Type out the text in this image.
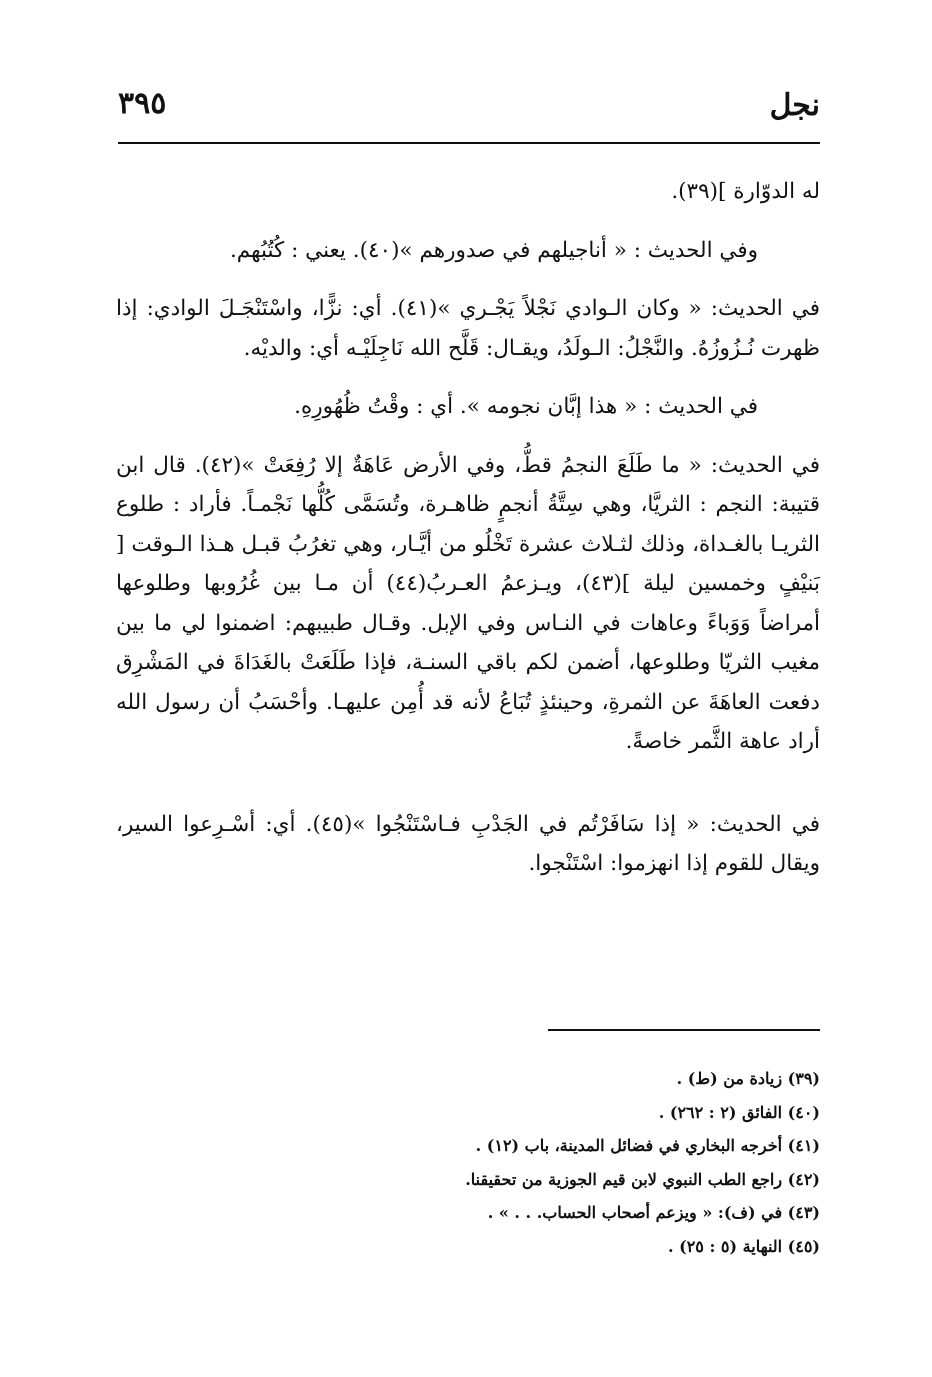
نجل
٣٩٥

له الدوّارة ](٣٩).

وفي الحديث : « أناجيلهم في صدورهم »(٤٠). يعني : كُتُبُهم.

في الحديث: « وكان الـوادي نَجْلاً يَجْـري »(٤١). أي: نزًّا، واسْتَنْجَـلَ الوادي: إذا ظهرت نُـزُوزُهُ. والنَّجْلُ: الـولَدُ، ويقـال: قَلَّح الله نَاجِلَيْـه أي: والديْه.

في الحديث : « هذا إبَّان نجومه ». أي : وقْتُ ظُهُورِهِ.

في الحديث: « ما طَلَعَ النجمُ قطُّ، وفي الأرض عَاهَةٌ إلا رُفِعَتْ »(٤٢). قال ابن قتيبة: النجم : الثريَّا، وهي سِتَّةُ أنجمٍ ظاهـرة، وتُسَمَّى كُلُّها نَجْمـاً. فأراد : طلوع الثريـا بالغـداة، وذلك لثـلاث عشرة تَخْلُو من أيَّـار، وهي تغرُبُ قبـل هـذا الـوقت [ بَنيْفٍ وخمسين ليلة ](٤٣)، ويـزعمُ العـربُ(٤٤) أن مـا بين غُرُوبها وطلوعها أمراضاً وَوَباءً وعاهات في النـاس وفي الإبل. وقـال طبيبهم: اضمنوا لي ما بين مغيب الثريّا وطلوعها، أضمن لكم باقي السنـة، فإذا طَلَعَتْ بالغَدَاةَ في المَشْرِق دفعت العاهَةَ عن الثمرةِ، وحينئذٍ تُبَاعُ لأنه قد أُمِن عليهـا. وأحْسَبُ أن رسول الله أراد عاهة الثَّمر خاصةً.

في الحديث: « إذا سَافَرْتُم في الجَدْبِ فـاسْتَنْجُوا »(٤٥). أي: أسْـرِعوا السير، ويقال للقوم إذا انهزموا: اسْتَنْجوا.

(٣٩) زيادة من (ط) .
(٤٠) الفائق (٢ : ٢٦٢) .
(٤١) أخرجه البخاري في فضائل المدينة، باب (١٢) .
(٤٢) راجع الطب النبوي لابن قيم الجوزية من تحقيقنا.
(٤٣) في (ف): « ويزعم أصحاب الحساب. . . » .
(٤٥) النهاية (٥ : ٢٥) .
